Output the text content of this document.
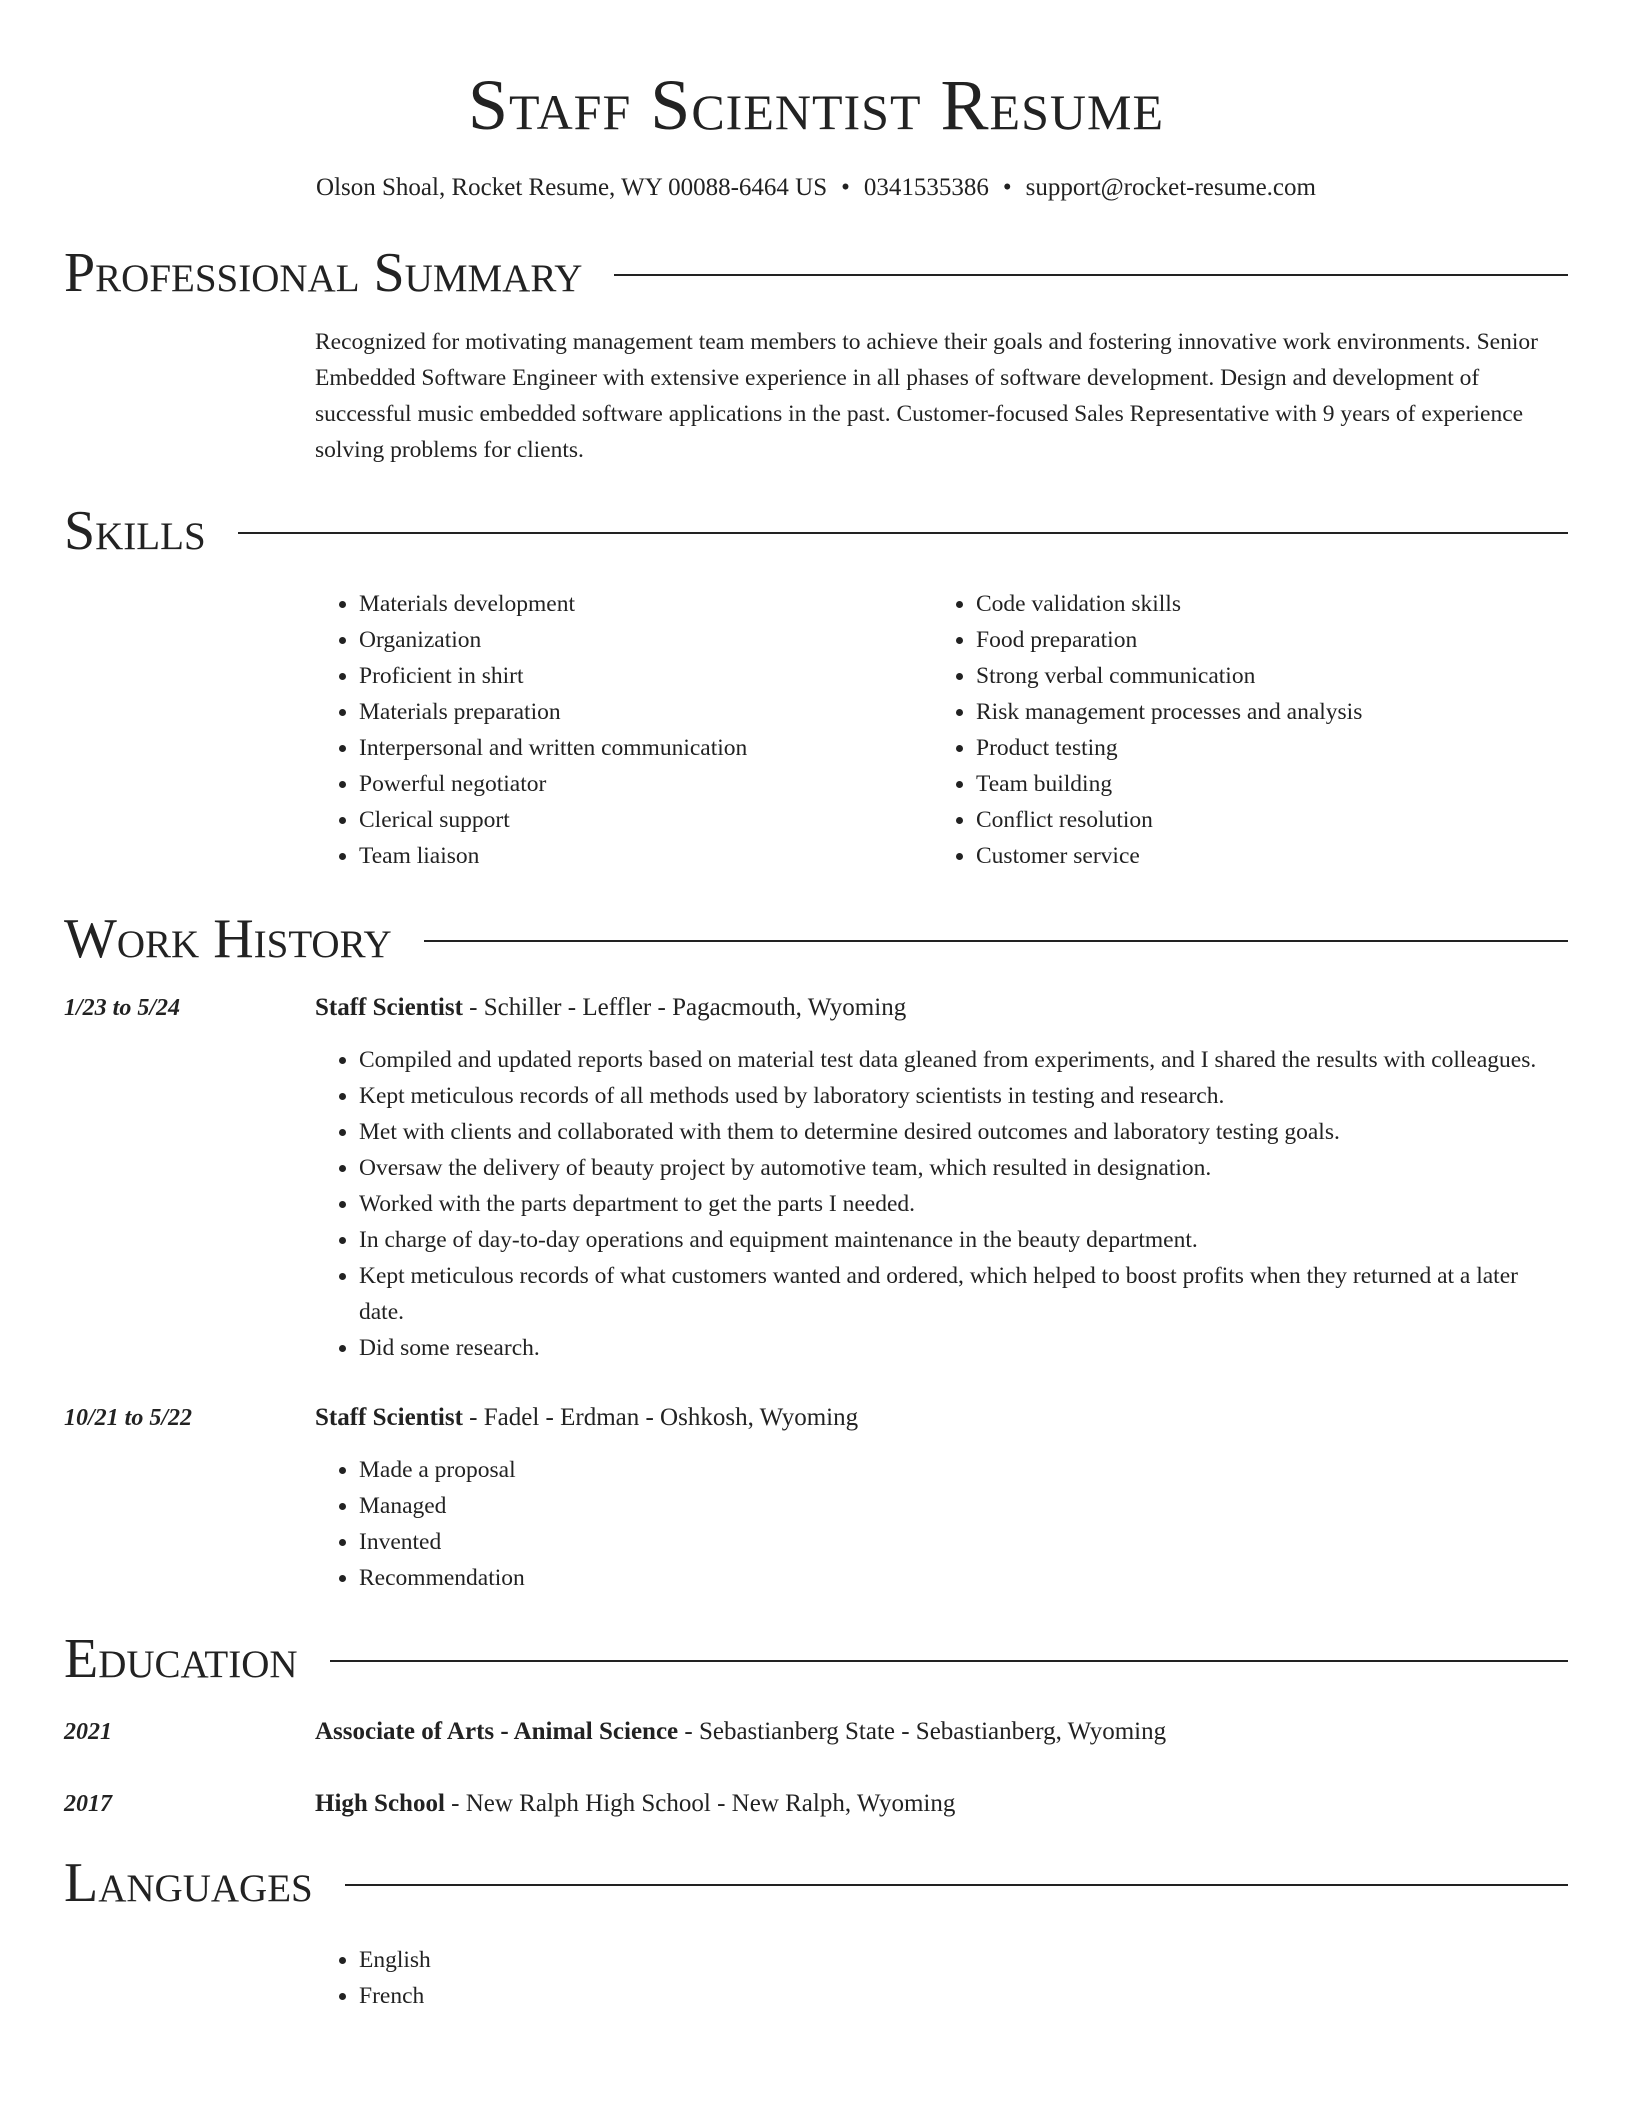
Staff Scientist Resume
Olson Shoal, Rocket Resume, WY 00088-6464 US • 0341535386 • support@rocket-resume.com
Professional Summary
Recognized for motivating management team members to achieve their goals and fostering innovative work environments. Senior Embedded Software Engineer with extensive experience in all phases of software development. Design and development of successful music embedded software applications in the past. Customer-focused Sales Representative with 9 years of experience solving problems for clients.
Skills
• Materials development
• Organization
• Proficient in shirt
• Materials preparation
• Interpersonal and written communication
• Powerful negotiator
• Clerical support
• Team liaison
• Code validation skills
• Food preparation
• Strong verbal communication
• Risk management processes and analysis
• Product testing
• Team building
• Conflict resolution
• Customer service
Work History
1/23 to 5/24	Staff Scientist - Schiller - Leffler - Pagacmouth, Wyoming
• Compiled and updated reports based on material test data gleaned from experiments, and I shared the results with colleagues.
• Kept meticulous records of all methods used by laboratory scientists in testing and research.
• Met with clients and collaborated with them to determine desired outcomes and laboratory testing goals.
• Oversaw the delivery of beauty project by automotive team, which resulted in designation.
• Worked with the parts department to get the parts I needed.
• In charge of day-to-day operations and equipment maintenance in the beauty department.
• Kept meticulous records of what customers wanted and ordered, which helped to boost profits when they returned at a later date.
• Did some research.
10/21 to 5/22	Staff Scientist - Fadel - Erdman - Oshkosh, Wyoming
• Made a proposal
• Managed
• Invented
• Recommendation
Education
2021	Associate of Arts - Animal Science - Sebastianberg State - Sebastianberg, Wyoming
2017	High School - New Ralph High School - New Ralph, Wyoming
Languages
• English
• French
